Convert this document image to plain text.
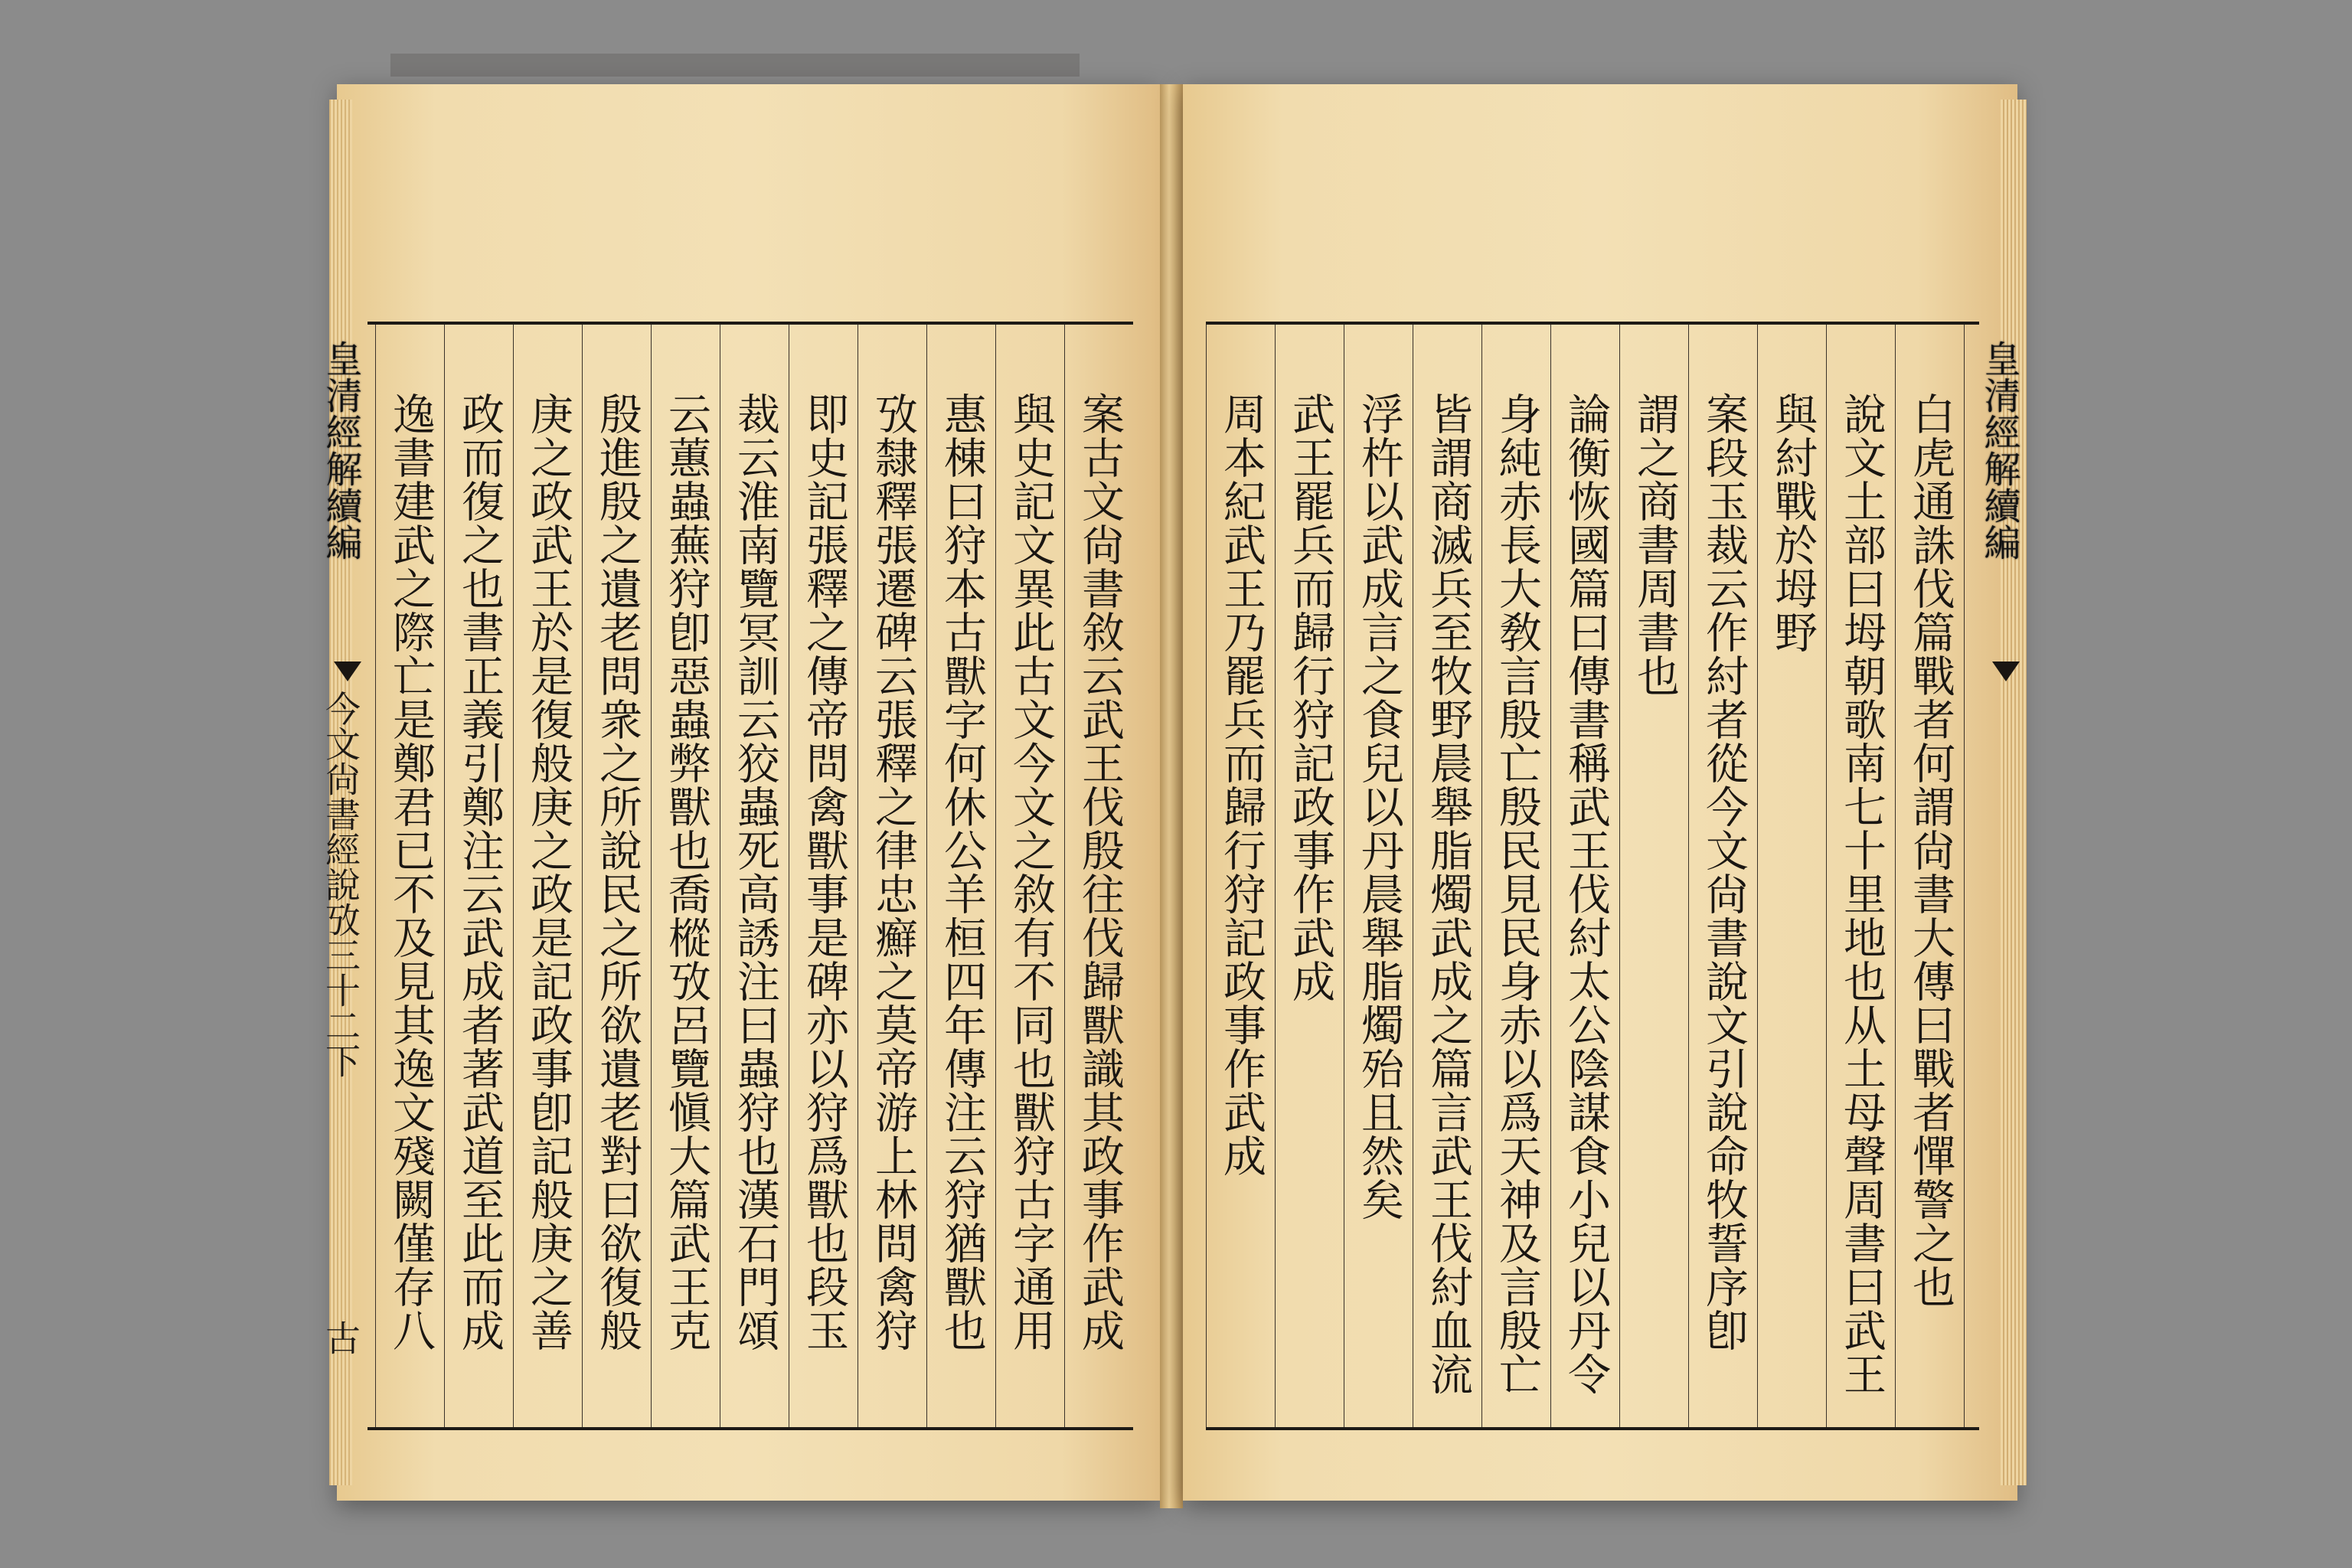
案古文尙書敘云武王伐殷往伐歸獸識其政事作武成
與史記文異此古文今文之敘有不同也獸狩古字通用
惠棟曰狩本古獸字何休公羊桓四年傳注云狩猶獸也
攷隸釋張遷碑云張釋之律忠癬之莫帝游上林問禽狩
即史記張釋之傳帝問禽獸事是碑亦以狩爲獸也段玉
裁云淮南覽冥訓云狡蟲死高誘注曰蟲狩也漢石門頌
云蕙蟲蕪狩卽惡蟲弊獸也喬樅攷呂覽愼大篇武王克
殷進殷之遺老問衆之所說民之所欲遺老對曰欲復般
庚之政武王於是復般庚之政是記政事卽記般庚之善
政而復之也書正義引鄭注云武成者著武道至此而成
逸書建武之際亡是鄭君已不及見其逸文殘闕僅存八
皇清經解續編
今文尙書經說攷三十二下
古
皇清經解續編
白虎通誅伐篇戰者何謂尙書大傳曰戰者憚警之也
說文土部曰坶朝歌南七十里地也从土母聲周書曰武王
與紂戰於坶野
案段玉裁云作紂者從今文尙書說文引說命牧誓序卽
謂之商書周書也
論衡恢國篇曰傳書稱武王伐紂太公陰謀食小兒以丹令
身純赤長大敎言殷亡殷民見民身赤以爲天神及言殷亡
皆謂商滅兵至牧野晨舉脂燭武成之篇言武王伐紂血流
浮杵以武成言之食兒以丹晨舉脂燭殆且然矣
武王罷兵而歸行狩記政事作武成
周本紀武王乃罷兵而歸行狩記政事作武成
